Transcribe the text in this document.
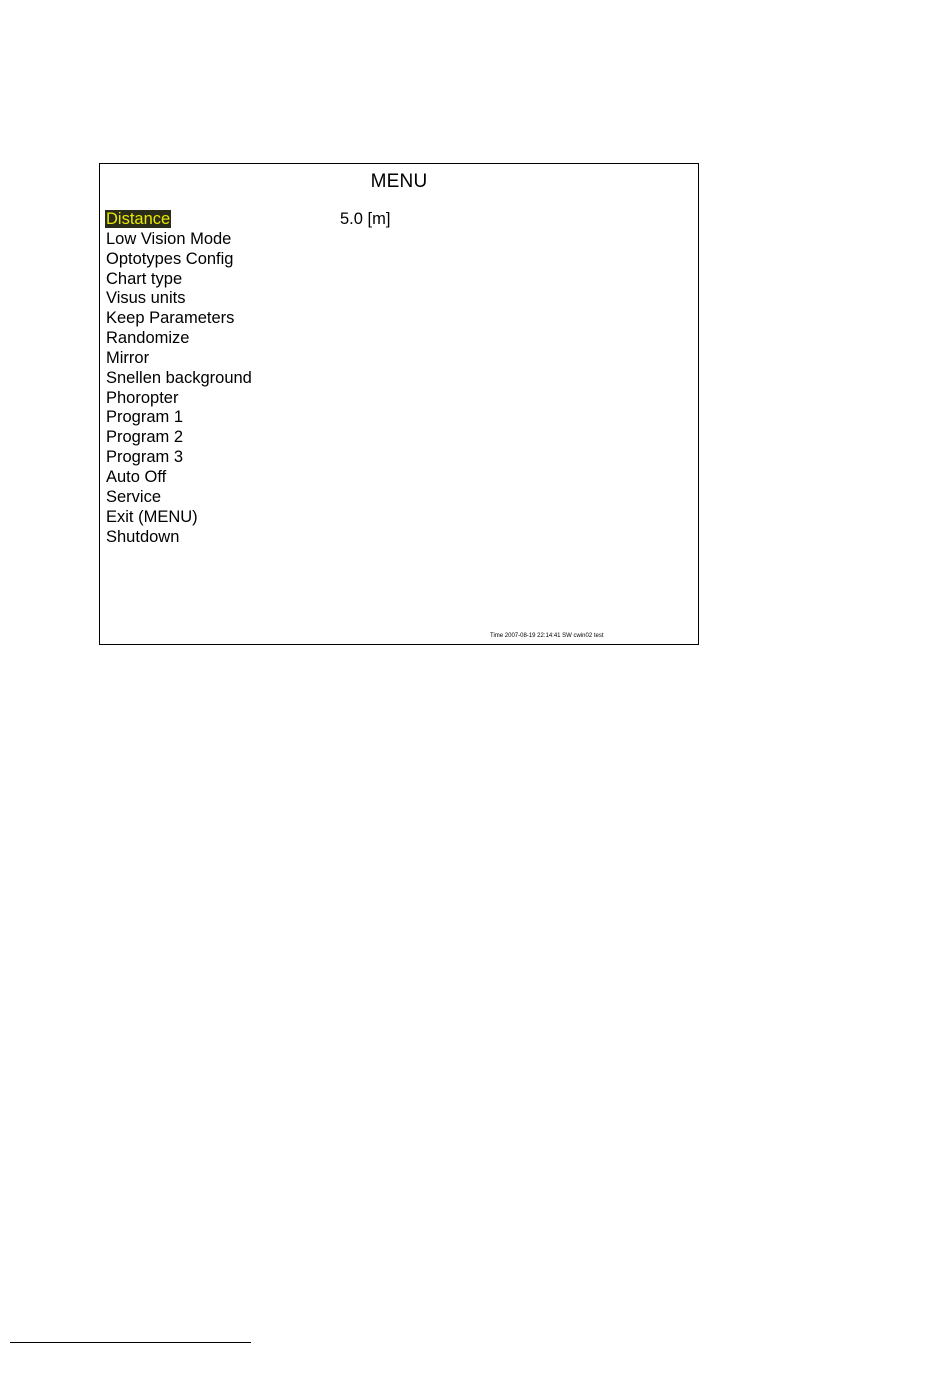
MENU
Distance
Low Vision Mode
Optotypes Config
Chart type
Visus units
Keep Parameters
Randomize
Mirror
Snellen background
Phoropter
Program 1
Program 2
Program 3
Auto Off
Service
Exit (MENU)
Shutdown
5.0 [m]
Time 2007-08-19 22:14:41 SW cwin02 test
